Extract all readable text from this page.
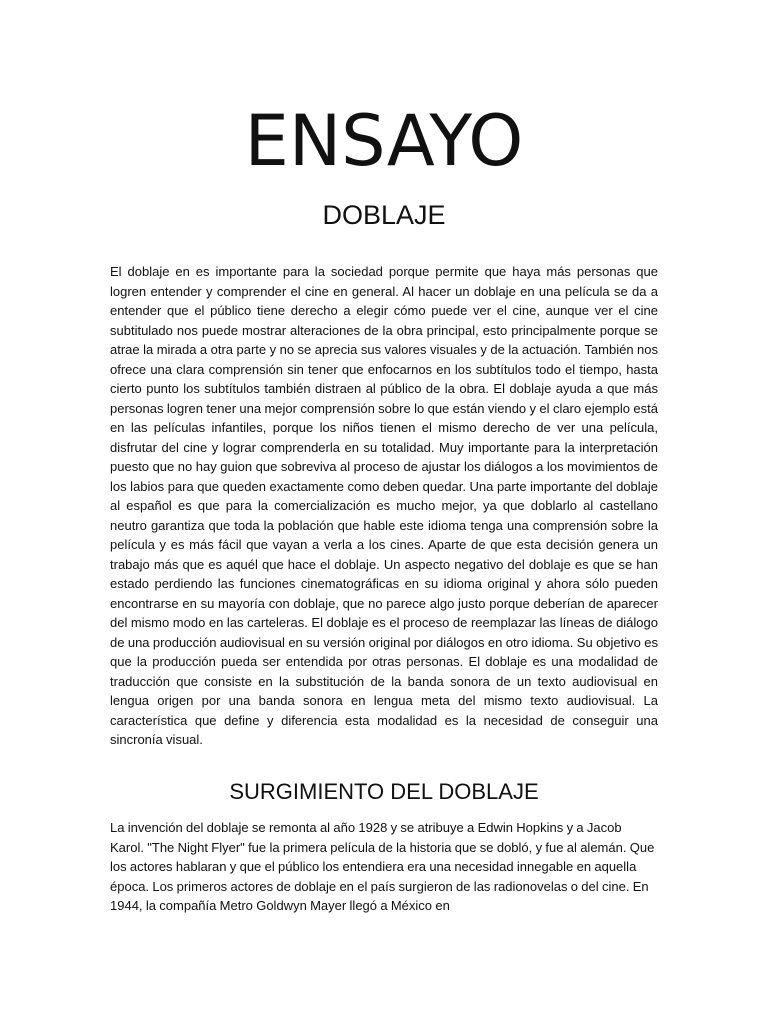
ENSAYO
DOBLAJE

El doblaje en es importante para la sociedad porque permite que haya más personas que logren entender y comprender el cine en general. Al hacer un doblaje en una película se da a entender que el público tiene derecho a elegir cómo puede ver el cine, aunque ver el cine subtitulado nos puede mostrar alteraciones de la obra principal, esto principalmente porque se atrae la mirada a otra parte y no se aprecia sus valores visuales y de la actuación. También nos ofrece una clara comprensión sin tener que enfocarnos en los subtítulos todo el tiempo, hasta cierto punto los subtítulos también distraen al público de la obra. El doblaje ayuda a que más personas logren tener una mejor comprensión sobre lo que están viendo y el claro ejemplo está en las películas infantiles, porque los niños tienen el mismo derecho de ver una película, disfrutar del cine y lograr comprenderla en su totalidad. Muy importante para la interpretación puesto que no hay guion que sobreviva al proceso de ajustar los diálogos a los movimientos de los labios para que queden exactamente como deben quedar. Una parte importante del doblaje al español es que para la comercialización es mucho mejor, ya que doblarlo al castellano neutro garantiza que toda la población que hable este idioma tenga una comprensión sobre la película y es más fácil que vayan a verla a los cines. Aparte de que esta decisión genera un trabajo más que es aquél que hace el doblaje. Un aspecto negativo del doblaje es que se han estado perdiendo las funciones cinematográficas en su idioma original y ahora sólo pueden encontrarse en su mayoría con doblaje, que no parece algo justo porque deberían de aparecer del mismo modo en las carteleras. El doblaje es el proceso de reemplazar las líneas de diálogo de una producción audiovisual en su versión original por diálogos en otro idioma. Su objetivo es que la producción pueda ser entendida por otras personas. El doblaje es una modalidad de traducción que consiste en la substitución de la banda sonora de un texto audiovisual en lengua origen por una banda sonora en lengua meta del mismo texto audiovisual. La característica que define y diferencia esta modalidad es la necesidad de conseguir una sincronía visual.

SURGIMIENTO DEL DOBLAJE

La invención del doblaje se remonta al año 1928 y se atribuye a Edwin Hopkins y a Jacob Karol. "The Night Flyer" fue la primera película de la historia que se dobló, y fue al alemán. Que los actores hablaran y que el público los entendiera era una necesidad innegable en aquella época. Los primeros actores de doblaje en el país surgieron de las radionovelas o del cine. En 1944, la compañía Metro Goldwyn Mayer llegó a México en
